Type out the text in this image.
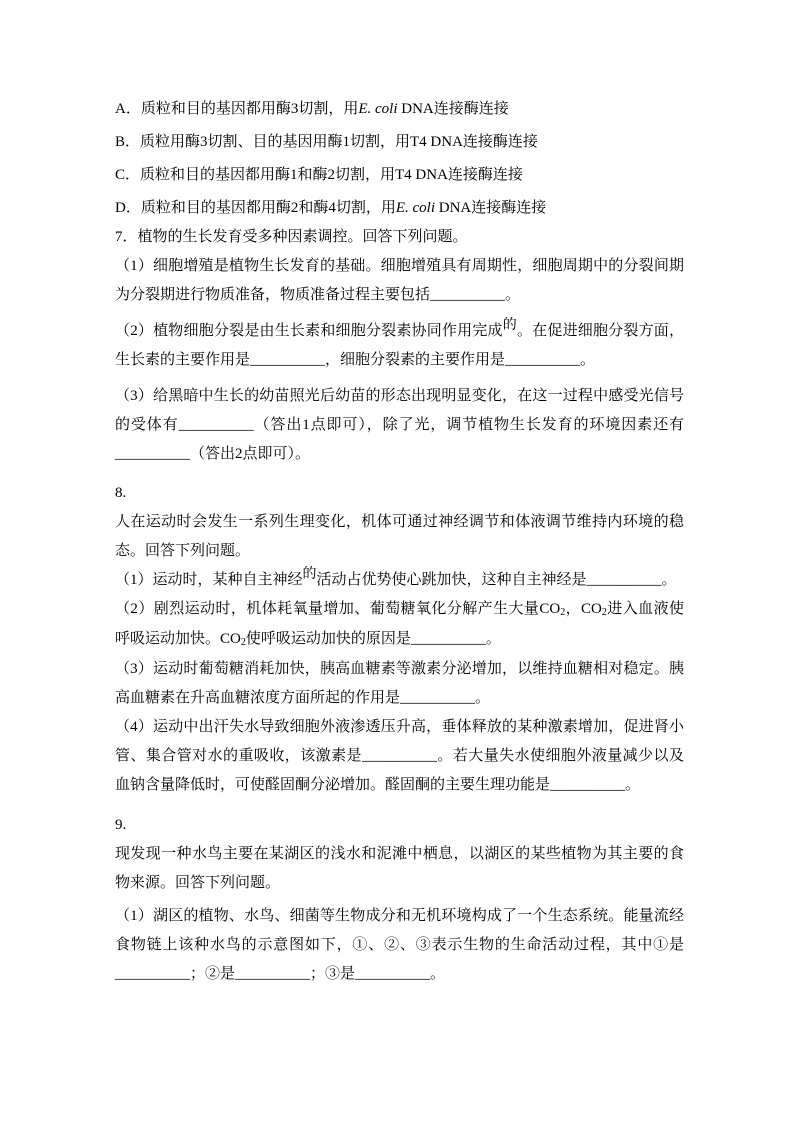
A．质粒和目的基因都用酶3切割，用E. coli DNA连接酶连接

B．质粒用酶3切割、目的基因用酶1切割，用T4 DNA连接酶连接

C．质粒和目的基因都用酶1和酶2切割，用T4 DNA连接酶连接

D．质粒和目的基因都用酶2和酶4切割，用E. coli DNA连接酶连接

7．植物的生长发育受多种因素调控。回答下列问题。

（1）细胞增殖是植物生长发育的基础。细胞增殖具有周期性，细胞周期中的分裂间期为分裂期进行物质准备，物质准备过程主要包括__________。

（2）植物细胞分裂是由生长素和细胞分裂素协同作用完成的。在促进细胞分裂方面，生长素的主要作用是__________，细胞分裂素的主要作用是__________。

（3）给黑暗中生长的幼苗照光后幼苗的形态出现明显变化，在这一过程中感受光信号的受体有__________（答出1点即可），除了光，调节植物生长发育的环境因素还有__________（答出2点即可）。

8.

人在运动时会发生一系列生理变化，机体可通过神经调节和体液调节维持内环境的稳态。回答下列问题。

（1）运动时，某种自主神经的活动占优势使心跳加快，这种自主神经是__________。

（2）剧烈运动时，机体耗氧量增加、葡萄糖氧化分解产生大量CO2，CO2进入血液使呼吸运动加快。CO2使呼吸运动加快的原因是__________。

（3）运动时葡萄糖消耗加快，胰高血糖素等激素分泌增加，以维持血糖相对稳定。胰高血糖素在升高血糖浓度方面所起的作用是__________。

（4）运动中出汗失水导致细胞外液渗透压升高，垂体释放的某种激素增加，促进肾小管、集合管对水的重吸收，该激素是__________。若大量失水使细胞外液量减少以及血钠含量降低时，可使醛固酮分泌增加。醛固酮的主要生理功能是__________。

9.

现发现一种水鸟主要在某湖区的浅水和泥滩中栖息，以湖区的某些植物为其主要的食物来源。回答下列问题。

（1）湖区的植物、水鸟、细菌等生物成分和无机环境构成了一个生态系统。能量流经食物链上该种水鸟的示意图如下，①、②、③表示生物的生命活动过程，其中①是__________；②是__________；③是__________。
